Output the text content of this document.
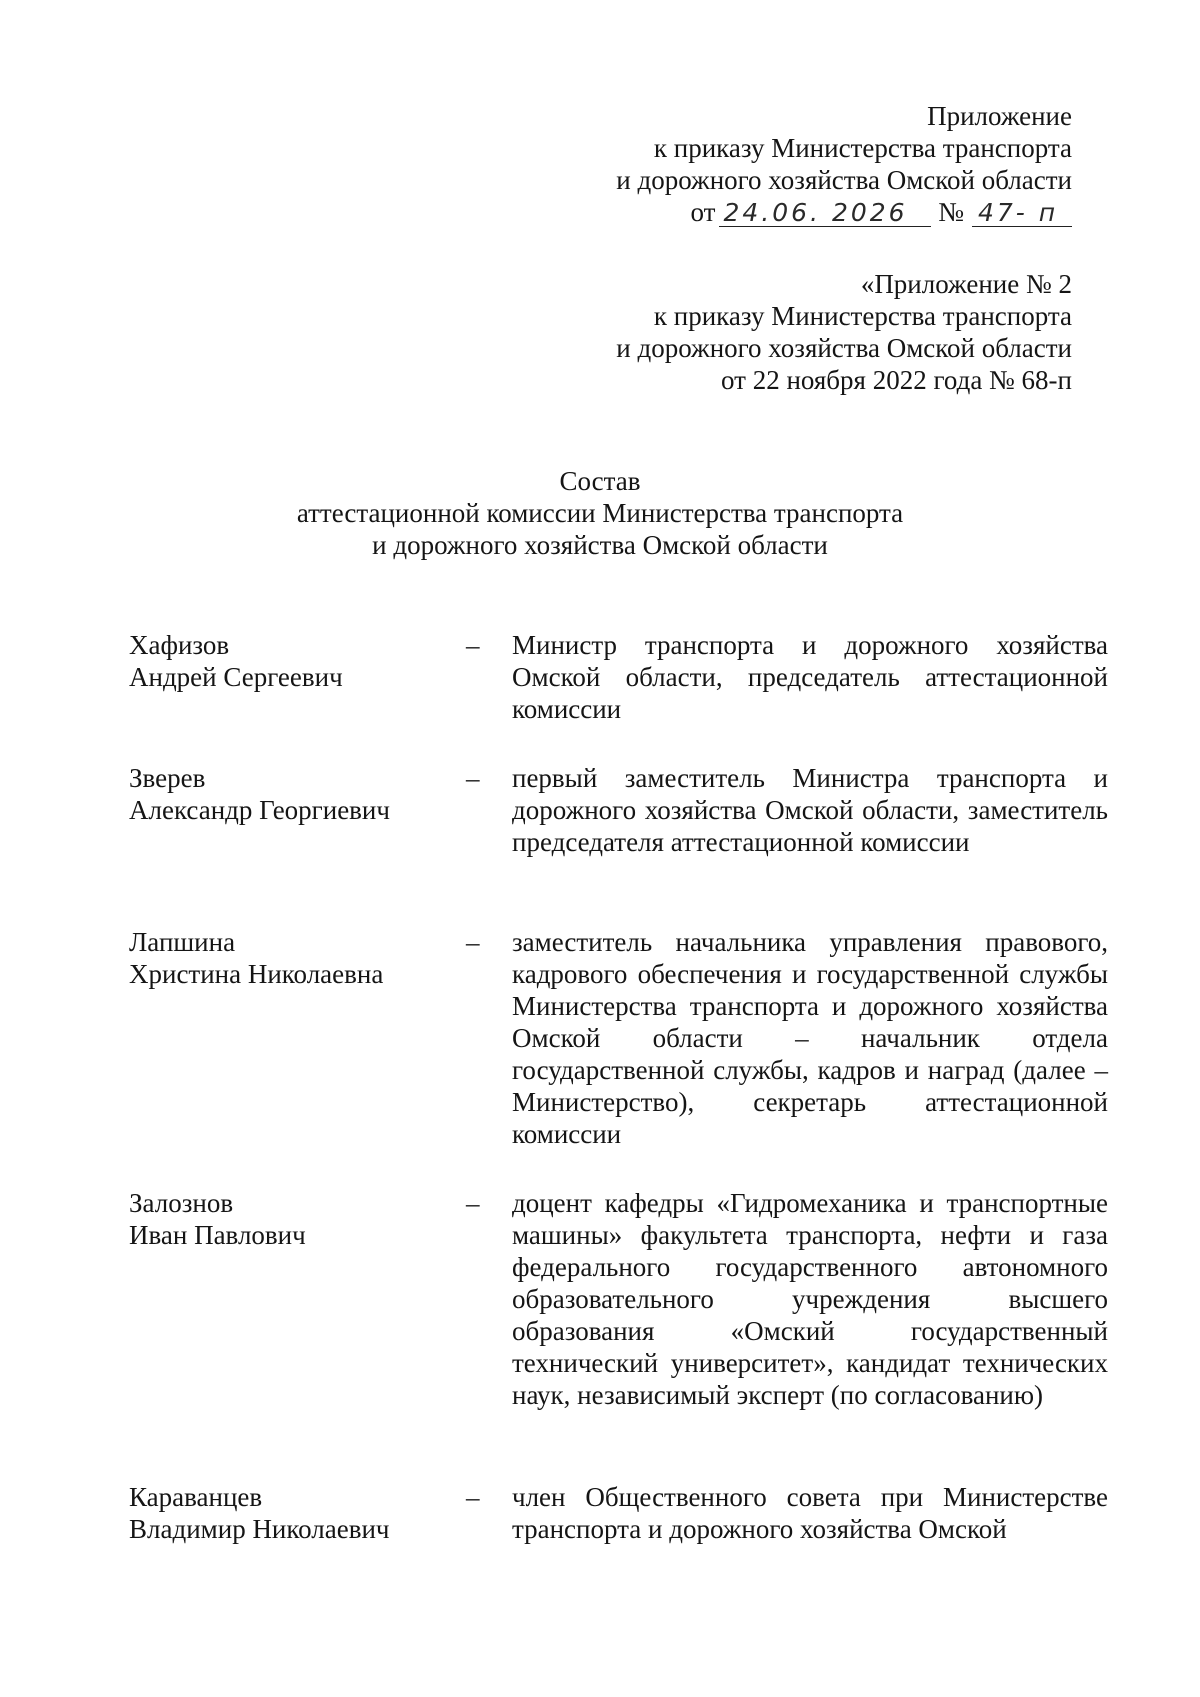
Приложение
к приказу Министерства транспорта
и дорожного хозяйства Омской области
от 24.06. 2026 № 47- п
«Приложение № 2
к приказу Министерства транспорта
и дорожного хозяйства Омской области
от 22 ноября 2022 года № 68-п
Состав
аттестационной комиссии Министерства транспорта
и дорожного хозяйства Омской области
Хафизов
Андрей Сергеевич
– Министр транспорта и дорожного хозяйства Омской области, председатель аттестационной комиссии
Зверев
Александр Георгиевич
– первый заместитель Министра транспорта и дорожного хозяйства Омской области, заместитель председателя аттестационной комиссии
Лапшина
Христина Николаевна
– заместитель начальника управления правового, кадрового обеспечения и государственной службы Министерства транспорта и дорожного хозяйства Омской области – начальник отдела государственной службы, кадров и наград (далее – Министерство), секретарь аттестационной комиссии
Залознов
Иван Павлович
– доцент кафедры «Гидромеханика и транспортные машины» факультета транспорта, нефти и газа федерального государственного автономного образовательного учреждения высшего образования «Омский государственный технический университет», кандидат технических наук, независимый эксперт (по согласованию)
Караванцев
Владимир Николаевич
– член Общественного совета при Министерстве транспорта и дорожного хозяйства Омской
